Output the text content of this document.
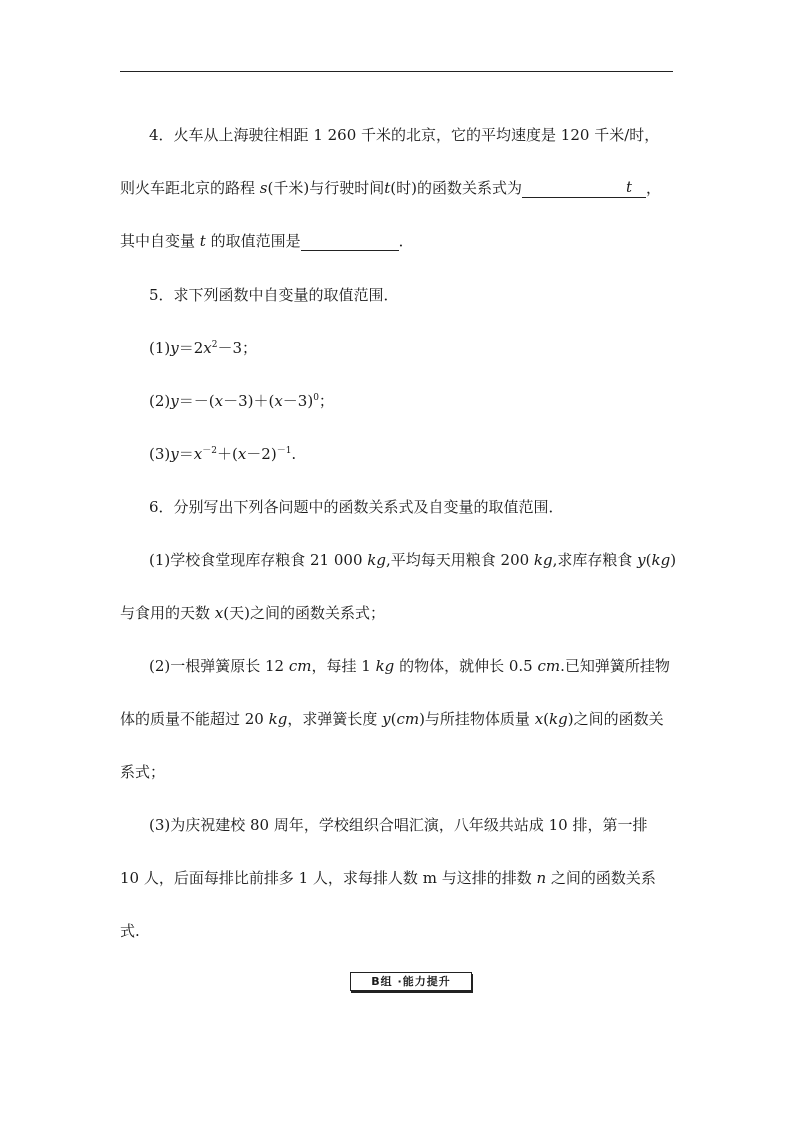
4．火车从上海驶往相距 1 260 千米的北京，它的平均速度是 120 千米/时，
则火车距北京的路程 s(千米)与行驶时间t(时)的函数关系式为	t ，
其中自变量 t 的取值范围是	．
5．求下列函数中自变量的取值范围．
$(1)y=2x^2-3$；
$(2)y=-(x-3)+(x-3)^0$；
$(3)y=x^{-2}+(x-2)^{-1}$.
6．分别写出下列各问题中的函数关系式及自变量的取值范围．
(1)学校食堂现库存粮食 21 000 kg,平均每天用粮食 200 kg,求库存粮食 y(kg)
与食用的天数 x(天)之间的函数关系式；
(2)一根弹簧原长 12 cm，每挂 1 kg 的物体，就伸长 0.5 cm.已知弹簧所挂物
体的质量不能超过 20 kg，求弹簧长度 y(cm)与所挂物体质量 x(kg)之间的函数关
系式；
(3)为庆祝建校 80 周年，学校组织合唱汇演，八年级共站成 10 排，第一排
10 人，后面每排比前排多 1 人，求每排人数 m 与这排的排数 n 之间的函数关系
式.
B组 ·能力提升
